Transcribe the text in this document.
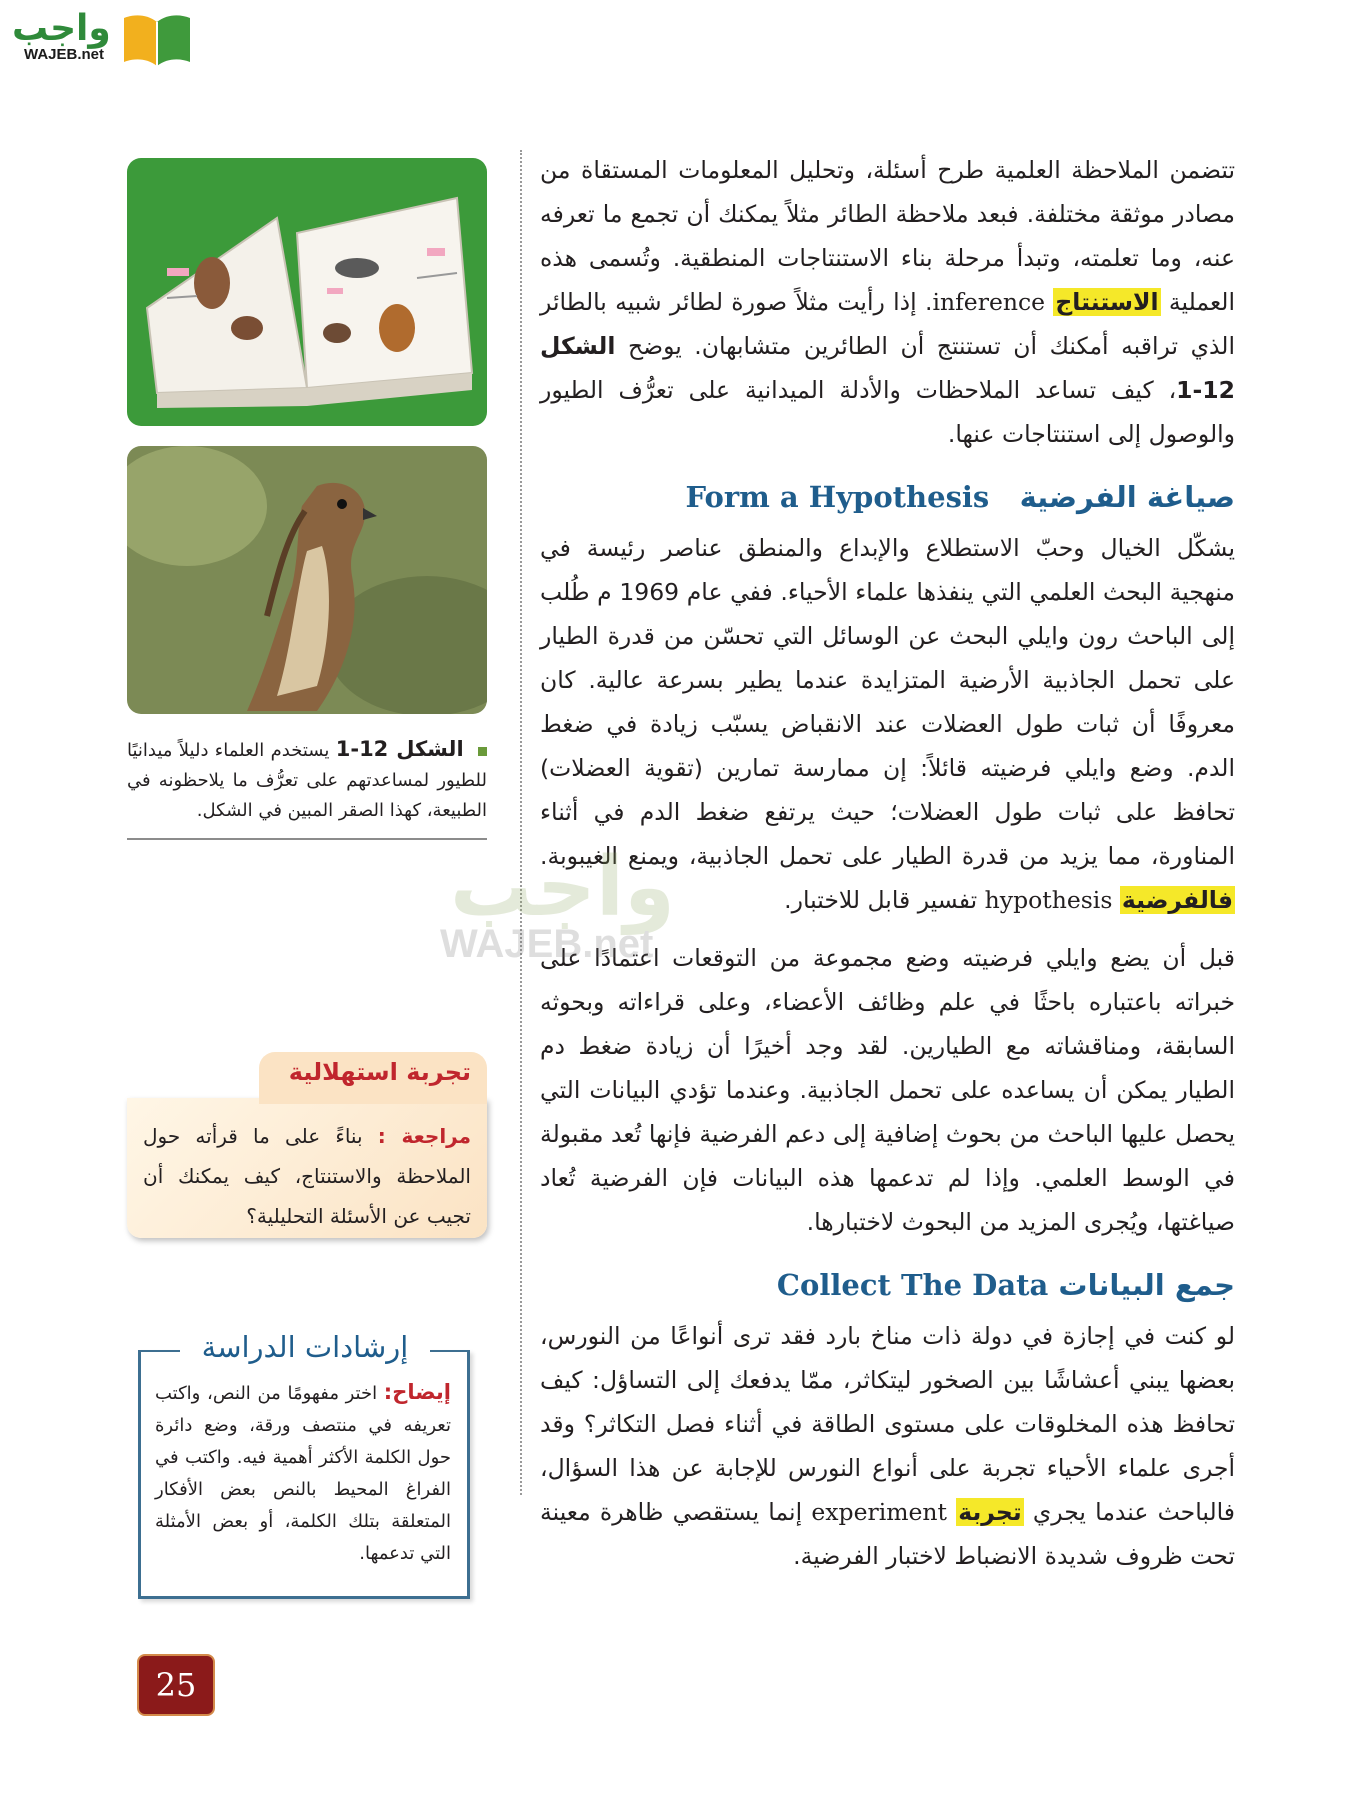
واجب
WAJEB.net

تتضمن الملاحظة العلمية طرح أسئلة، وتحليل المعلومات المستقاة من مصادر موثقة مختلفة. فبعد ملاحظة الطائر مثلاً يمكنك أن تجمع ما تعرفه عنه، وما تعلمته، وتبدأ مرحلة بناء الاستنتاجات المنطقية. وتُسمى هذه العملية الاستنتاج inference. إذا رأيت مثلاً صورة لطائر شبيه بالطائر الذي تراقبه أمكنك أن تستنتج أن الطائرين متشابهان. يوضح الشكل 12-1، كيف تساعد الملاحظات والأدلة الميدانية على تعرُّف الطيور والوصول إلى استنتاجات عنها.

صياغة الفرضية   Form a Hypothesis

يشكّل الخيال وحبّ الاستطلاع والإبداع والمنطق عناصر رئيسة في منهجية البحث العلمي التي ينفذها علماء الأحياء. ففي عام 1969 م طُلب إلى الباحث رون وايلي البحث عن الوسائل التي تحسّن من قدرة الطيار على تحمل الجاذبية الأرضية المتزايدة عندما يطير بسرعة عالية. كان معروفًا أن ثبات طول العضلات عند الانقباض يسبّب زيادة في ضغط الدم. وضع وايلي فرضيته قائلاً: إن ممارسة تمارين (تقوية العضلات) تحافظ على ثبات طول العضلات؛ حيث يرتفع ضغط الدم في أثناء المناورة، مما يزيد من قدرة الطيار على تحمل الجاذبية، ويمنع الغيبوبة. فالفرضية hypothesis تفسير قابل للاختبار.

قبل أن يضع وايلي فرضيته وضع مجموعة من التوقعات اعتمادًا على خبراته باعتباره باحثًا في علم وظائف الأعضاء، وعلى قراءاته وبحوثه السابقة، ومناقشاته مع الطيارين. لقد وجد أخيرًا أن زيادة ضغط دم الطيار يمكن أن يساعده على تحمل الجاذبية. وعندما تؤدي البيانات التي يحصل عليها الباحث من بحوث إضافية إلى دعم الفرضية فإنها تُعد مقبولة في الوسط العلمي. وإذا لم تدعمها هذه البيانات فإن الفرضية تُعاد صياغتها، ويُجرى المزيد من البحوث لاختبارها.

جمع البيانات Collect The Data

لو كنت في إجازة في دولة ذات مناخ بارد فقد ترى أنواعًا من النورس، بعضها يبني أعشاشًا بين الصخور ليتكاثر، ممّا يدفعك إلى التساؤل: كيف تحافظ هذه المخلوقات على مستوى الطاقة في أثناء فصل التكاثر؟ وقد أجرى علماء الأحياء تجربة على أنواع النورس للإجابة عن هذا السؤال، فالباحث عندما يجري تجربة experiment إنما يستقصي ظاهرة معينة تحت ظروف شديدة الانضباط لاختبار الفرضية.

الشكل 12-1 يستخدم العلماء دليلاً ميدانيًا للطيور لمساعدتهم على تعرُّف ما يلاحظونه في الطبيعة، كهذا الصقر المبين في الشكل.
تجربة استهلالية
مراجعة : بناءً على ما قرأته حول الملاحظة والاستنتاج، كيف يمكنك أن تجيب عن الأسئلة التحليلية؟
إرشادات الدراسة
إيضاح: اختر مفهومًا من النص، واكتب تعريفه في منتصف ورقة، وضع دائرة حول الكلمة الأكثر أهمية فيه. واكتب في الفراغ المحيط بالنص بعض الأفكار المتعلقة بتلك الكلمة، أو بعض الأمثلة التي تدعمها.
25
واجب
WAJEB.net
